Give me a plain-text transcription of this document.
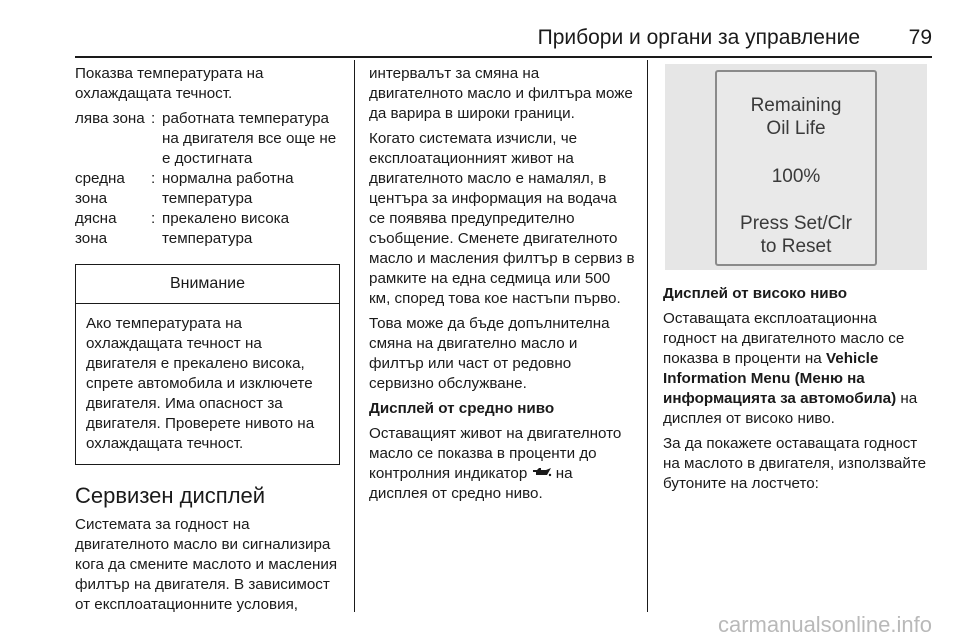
Прибори и органи за управление 79

Показва температурата на охлаждащата течност.

лява зона : работната температура на двигателя все още не е достигната
средна зона
: нормална работна температура
дясна зона
: прекалено висока температура
Внимание
Ако температурата на охлаждащата течност на двигателя е прекалено висока, спрете автомобила и изключете двигателя. Има опасност за двигателя. Проверете нивото на охлаждащата течност.
Сервизен дисплей

Системата за годност на двигателното масло ви сигнализира кога да смените маслото и масления филтър на двигателя. В зависимост от експлоатационните условия,

интервалът за смяна на двигателното масло и филтъра може да варира в широки граници.

Когато системата изчисли, че експлоатационният живот на двигателното масло е намалял, в центъра за информация на водача се появява предупредително съобщение. Сменете двигателното масло и масления филтър в сервиз в рамките на една седмица или 500 км, според това кое настъпи първо.

Това може да бъде допълнителна смяна на двигателно масло и филтър или част от редовно сервизно обслужване.

Дисплей от средно ниво

Оставащият живот на двигателното масло се показва в проценти до контролния индикатор на дисплея от средно ниво.

Remaining
Oil Life
100%
Press Set/Clr
to Reset

Дисплей от високо ниво

Оставащата експлоатационна годност на двигателното масло се показва в проценти на Vehicle Information Menu (Меню на информацията за автомобила) на дисплея от високо ниво.

За да покажете оставащата годност на маслото в двигателя, използвайте бутоните на лостчето:

carmanualsonline.info
